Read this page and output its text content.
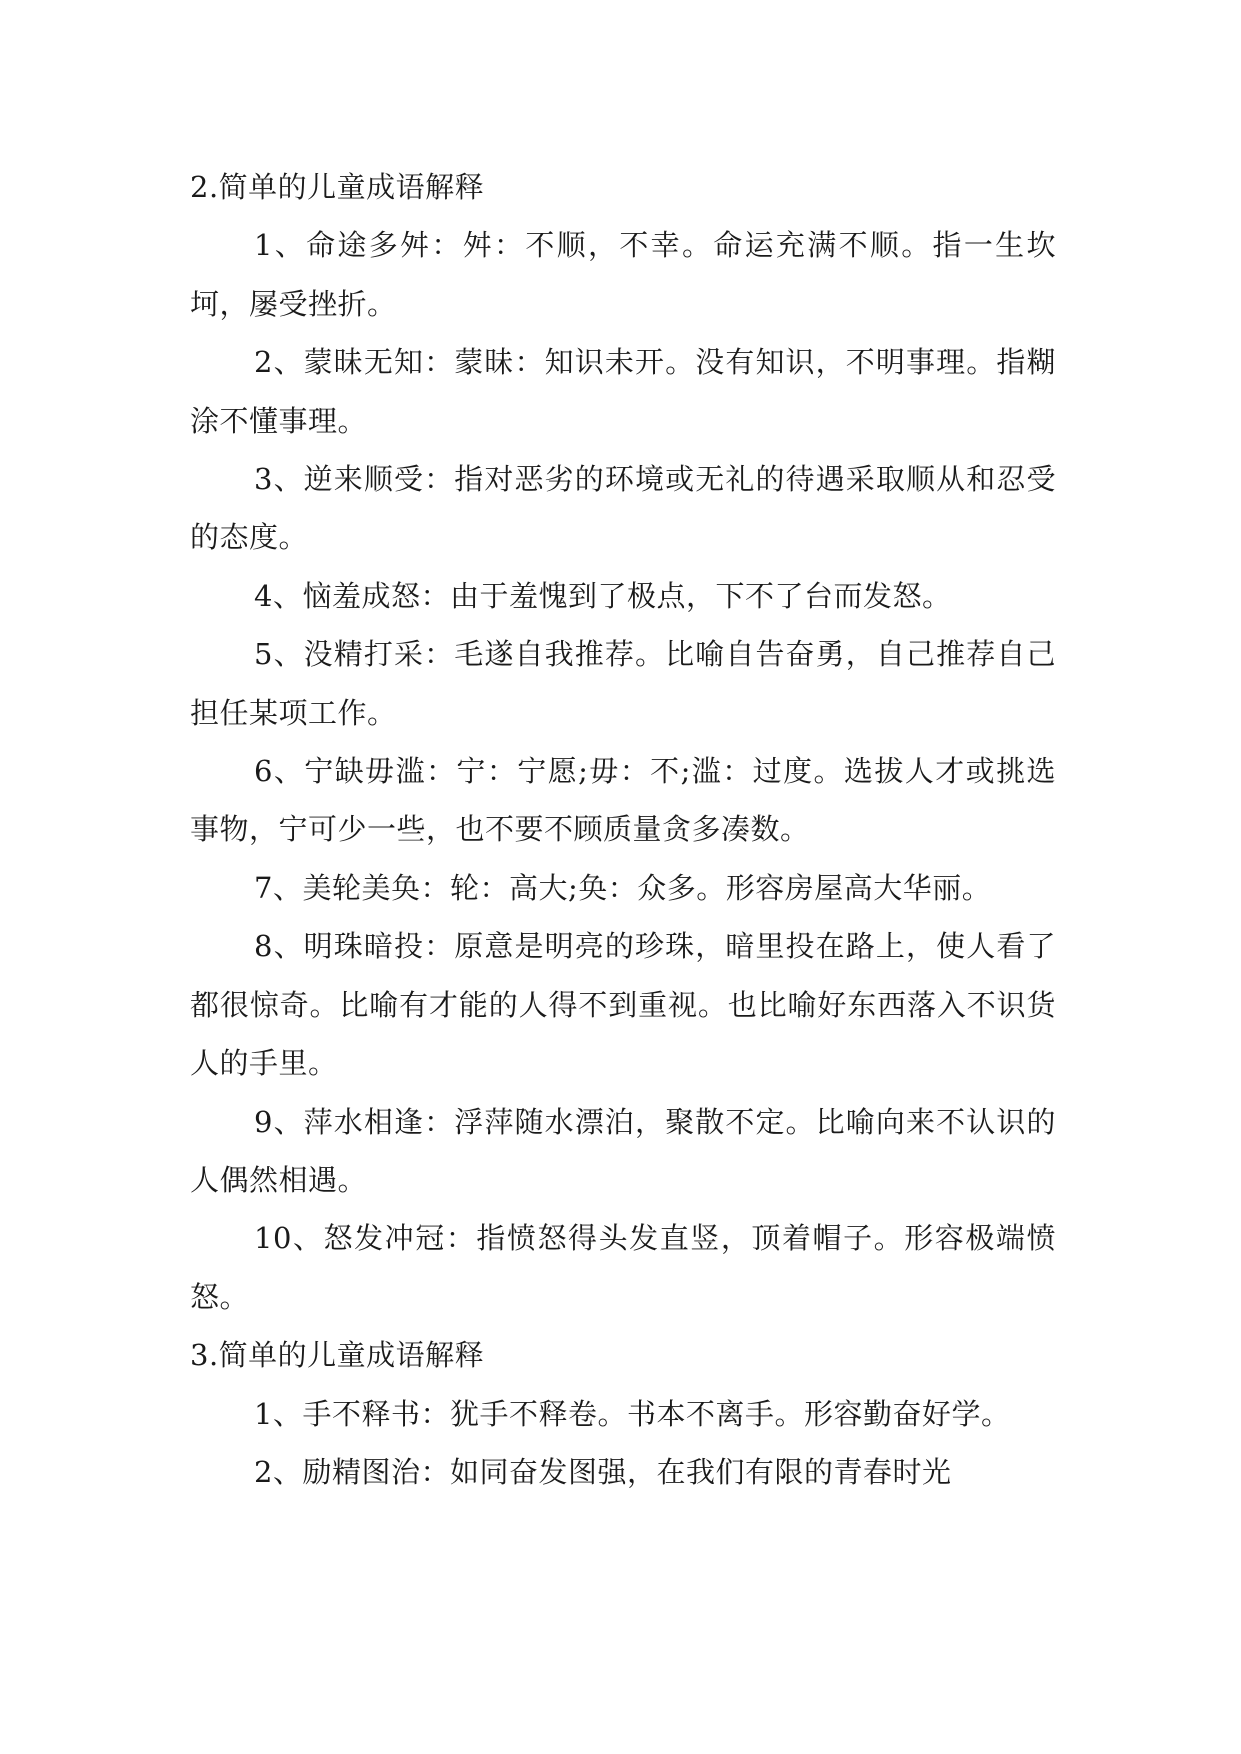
2.简单的儿童成语解释

1、命途多舛：舛：不顺，不幸。命运充满不顺。指一生坎坷，屡受挫折。

2、蒙昧无知：蒙昧：知识未开。没有知识，不明事理。指糊涂不懂事理。

3、逆来顺受：指对恶劣的环境或无礼的待遇采取顺从和忍受的态度。

4、恼羞成怒：由于羞愧到了极点，下不了台而发怒。

5、没精打采：毛遂自我推荐。比喻自告奋勇，自己推荐自己担任某项工作。

6、宁缺毋滥：宁：宁愿;毋：不;滥：过度。选拔人才或挑选事物，宁可少一些，也不要不顾质量贪多凑数。

7、美轮美奂：轮：高大;奂：众多。形容房屋高大华丽。

8、明珠暗投：原意是明亮的珍珠，暗里投在路上，使人看了都很惊奇。比喻有才能的人得不到重视。也比喻好东西落入不识货人的手里。

9、萍水相逢：浮萍随水漂泊，聚散不定。比喻向来不认识的人偶然相遇。

10、怒发冲冠：指愤怒得头发直竖，顶着帽子。形容极端愤怒。

3.简单的儿童成语解释

1、手不释书：犹手不释卷。书本不离手。形容勤奋好学。

2、励精图治：如同奋发图强，在我们有限的青春时光
